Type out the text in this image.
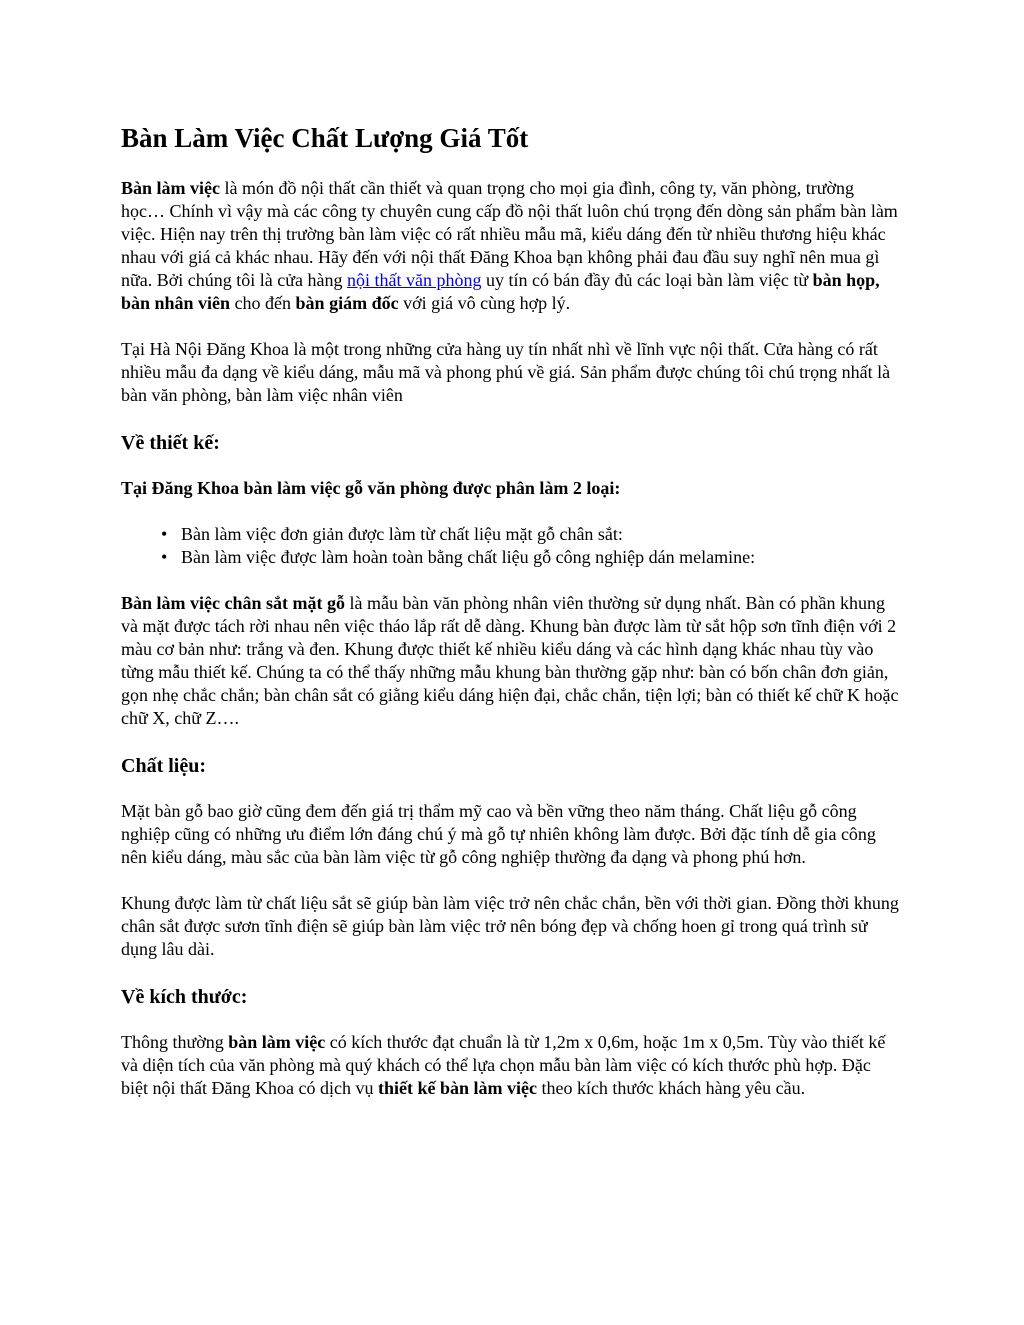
Bàn Làm Việc Chất Lượng Giá Tốt

Bàn làm việc là món đồ nội thất cần thiết và quan trọng cho mọi gia đình, công ty, văn phòng, trường học… Chính vì vậy mà các công ty chuyên cung cấp đồ nội thất luôn chú trọng đến dòng sản phẩm bàn làm việc. Hiện nay trên thị trường bàn làm việc có rất nhiều mẫu mã, kiểu dáng đến từ nhiều thương hiệu khác nhau với giá cả khác nhau. Hãy đến với nội thất Đăng Khoa bạn không phải đau đầu suy nghĩ nên mua gì nữa. Bởi chúng tôi là cửa hàng nội thất văn phòng uy tín có bán đầy đủ các loại bàn làm việc từ bàn họp, bàn nhân viên cho đến bàn giám đốc với giá vô cùng hợp lý.

Tại Hà Nội Đăng Khoa là một trong những cửa hàng uy tín nhất nhì về lĩnh vực nội thất. Cửa hàng có rất nhiều mẫu đa dạng về kiểu dáng, mẫu mã và phong phú về giá. Sản phẩm được chúng tôi chú trọng nhất là bàn văn phòng, bàn làm việc nhân viên

Về thiết kế:

Tại Đăng Khoa bàn làm việc gỗ văn phòng được phân làm 2 loại:

• Bàn làm việc đơn giản được làm từ chất liệu mặt gỗ chân sắt:
• Bàn làm việc được làm hoàn toàn bằng chất liệu gỗ công nghiệp dán melamine:

Bàn làm việc chân sắt mặt gỗ là mẫu bàn văn phòng nhân viên thường sử dụng nhất. Bàn có phần khung và mặt được tách rời nhau nên việc tháo lắp rất dễ dàng. Khung bàn được làm từ sắt hộp sơn tĩnh điện với 2 màu cơ bản như: trắng và đen. Khung được thiết kế nhiều kiểu dáng và các hình dạng khác nhau tùy vào từng mẫu thiết kế. Chúng ta có thể thấy những mẫu khung bàn thường gặp như: bàn có bốn chân đơn giản, gọn nhẹ chắc chắn; bàn chân sắt có giằng kiểu dáng hiện đại, chắc chắn, tiện lợi; bàn có thiết kế chữ K hoặc chữ X, chữ Z….

Chất liệu:

Mặt bàn gỗ bao giờ cũng đem đến giá trị thẩm mỹ cao và bền vững theo năm tháng. Chất liệu gỗ công nghiệp cũng có những ưu điểm lớn đáng chú ý mà gỗ tự nhiên không làm được. Bởi đặc tính dễ gia công nên kiểu dáng, màu sắc của bàn làm việc từ gỗ công nghiệp thường đa dạng và phong phú hơn.

Khung được làm từ chất liệu sắt sẽ giúp bàn làm việc trở nên chắc chắn, bền với thời gian. Đồng thời khung chân sắt được sươn tĩnh điện sẽ giúp bàn làm việc trở nên bóng đẹp và chống hoen gỉ trong quá trình sử dụng lâu dài.

Về kích thước:

Thông thường bàn làm việc có kích thước đạt chuẩn là từ 1,2m x 0,6m, hoặc 1m x 0,5m. Tùy vào thiết kế và diện tích của văn phòng mà quý khách có thể lựa chọn mẫu bàn làm việc có kích thước phù hợp. Đặc biệt nội thất Đăng Khoa có dịch vụ thiết kế bàn làm việc theo kích thước khách hàng yêu cầu.
